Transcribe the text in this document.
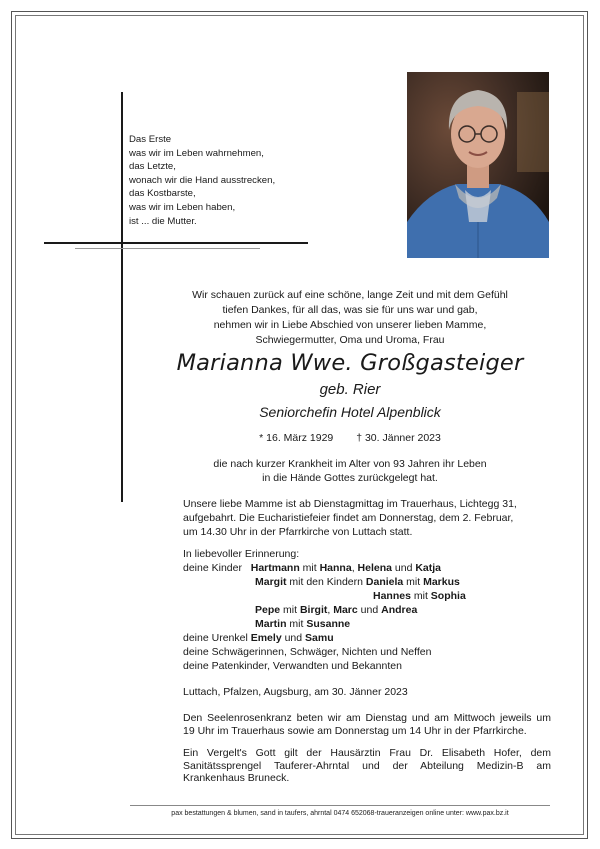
Das Erste
was wir im Leben wahrnehmen,
das Letzte,
wonach wir die Hand ausstrecken,
das Kostbarste,
was wir im Leben haben,
ist ... die Mutter.
Wir schauen zurück auf eine schöne, lange Zeit und mit dem Gefühl
tiefen Dankes, für all das, was sie für uns war und gab,
nehmen wir in Liebe Abschied von unserer lieben Mamme,
Schwiegermutter, Oma und Uroma, Frau
Marianna Wwe. Großgasteiger
geb. Rier
Seniorchefin Hotel Alpenblick
* 16. März 1929 † 30. Jänner 2023
die nach kurzer Krankheit im Alter von 93 Jahren ihr Leben
in die Hände Gottes zurückgelegt hat.
Unsere liebe Mamme ist ab Dienstagmittag im Trauerhaus, Lichtegg 31,
aufgebahrt. Die Eucharistiefeier findet am Donnerstag, dem 2. Februar,
um 14.30 Uhr in der Pfarrkirche von Luttach statt.
In liebevoller Erinnerung:
deine Kinder Hartmann mit Hanna, Helena und Katja
Margit mit den Kindern Daniela mit Markus
Hannes mit Sophia
Pepe mit Birgit, Marc und Andrea
Martin mit Susanne
deine Urenkel Emely und Samu
deine Schwägerinnen, Schwäger, Nichten und Neffen
deine Patenkinder, Verwandten und Bekannten
Luttach, Pfalzen, Augsburg, am 30. Jänner 2023
Den Seelenrosenkranz beten wir am Dienstag und am Mittwoch jeweils um
19 Uhr im Trauerhaus sowie am Donnerstag um 14 Uhr in der Pfarrkirche.
Ein Vergelt's Gott gilt der Hausärztin Frau Dr. Elisabeth Hofer, dem
Sanitätssprengel Tauferer-Ahrntal und der Abteilung Medizin-B am
Krankenhaus Bruneck.
pax bestattungen & blumen, sand in taufers, ahrntal 0474 652068-traueranzeigen online unter: www.pax.bz.it
